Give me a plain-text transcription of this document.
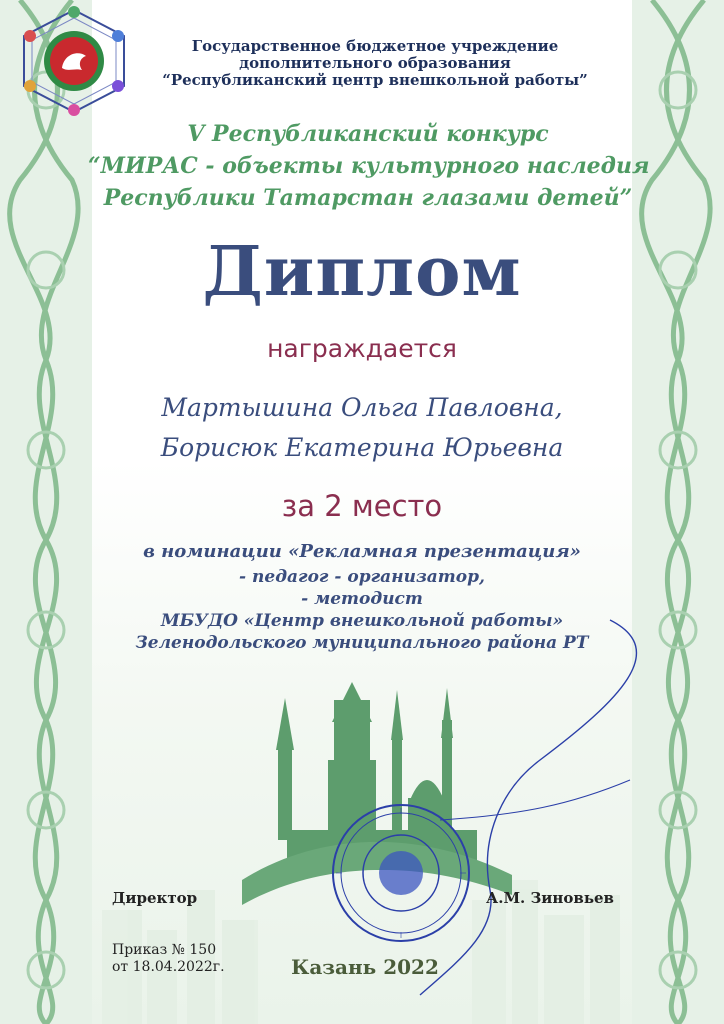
Государственное бюджетное учреждение
дополнительного образования
“Республиканский центр внешкольной работы”
V Республиканский конкурс
“МИРАС - объекты культурного наследия
Республики Татарстан глазами детей”
Диплом
награждается
Мартышина Ольга Павловна,
Борисюк Екатерина Юрьевна
за 2 место
в номинации «Рекламная презентация»
- педагог - организатор,
- методист
МБУДО «Центр внешкольной работы»
Зеленодольского муниципального района РТ
Директор	А.М. Зиновьев
Приказ № 150
от 18.04.2022г.	Казань 2022
